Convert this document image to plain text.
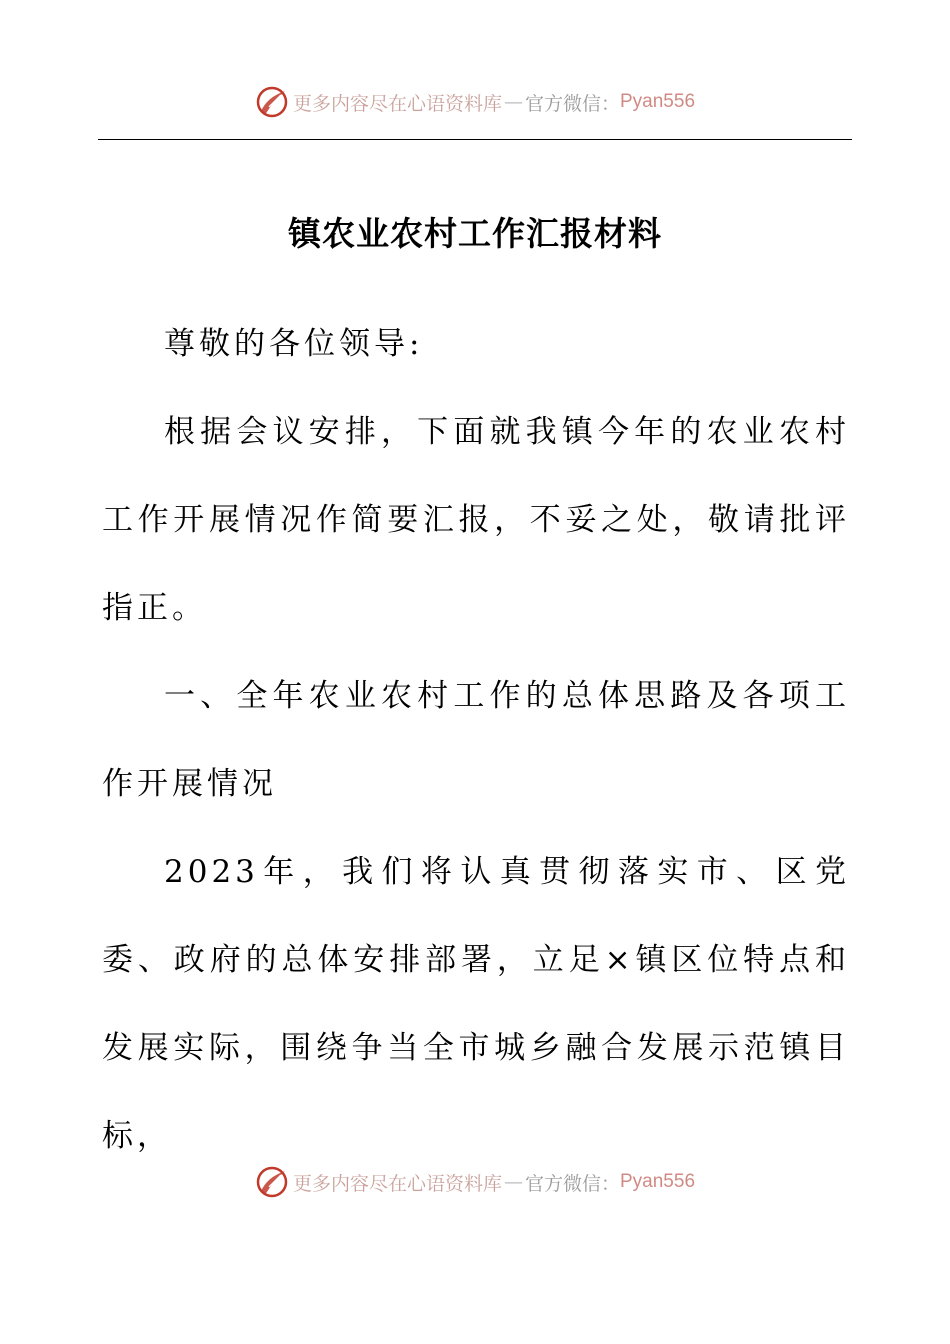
更多内容尽在心语资料库 — 官方微信： Pyan556
镇农业农村工作汇报材料

尊敬的各位领导:

根据会议安排，下面就我镇今年的农业农村工作开展情况作简要汇报，不妥之处，敬请批评指正。

一、全年农业农村工作的总体思路及各项工作开展情况

2023年，我们将认真贯彻落实市、区党委、政府的总体安排部署，立足×镇区位特点和发展实际，围绕争当全市城乡融合发展示范镇目标，

更多内容尽在心语资料库 — 官方微信： Pyan556
